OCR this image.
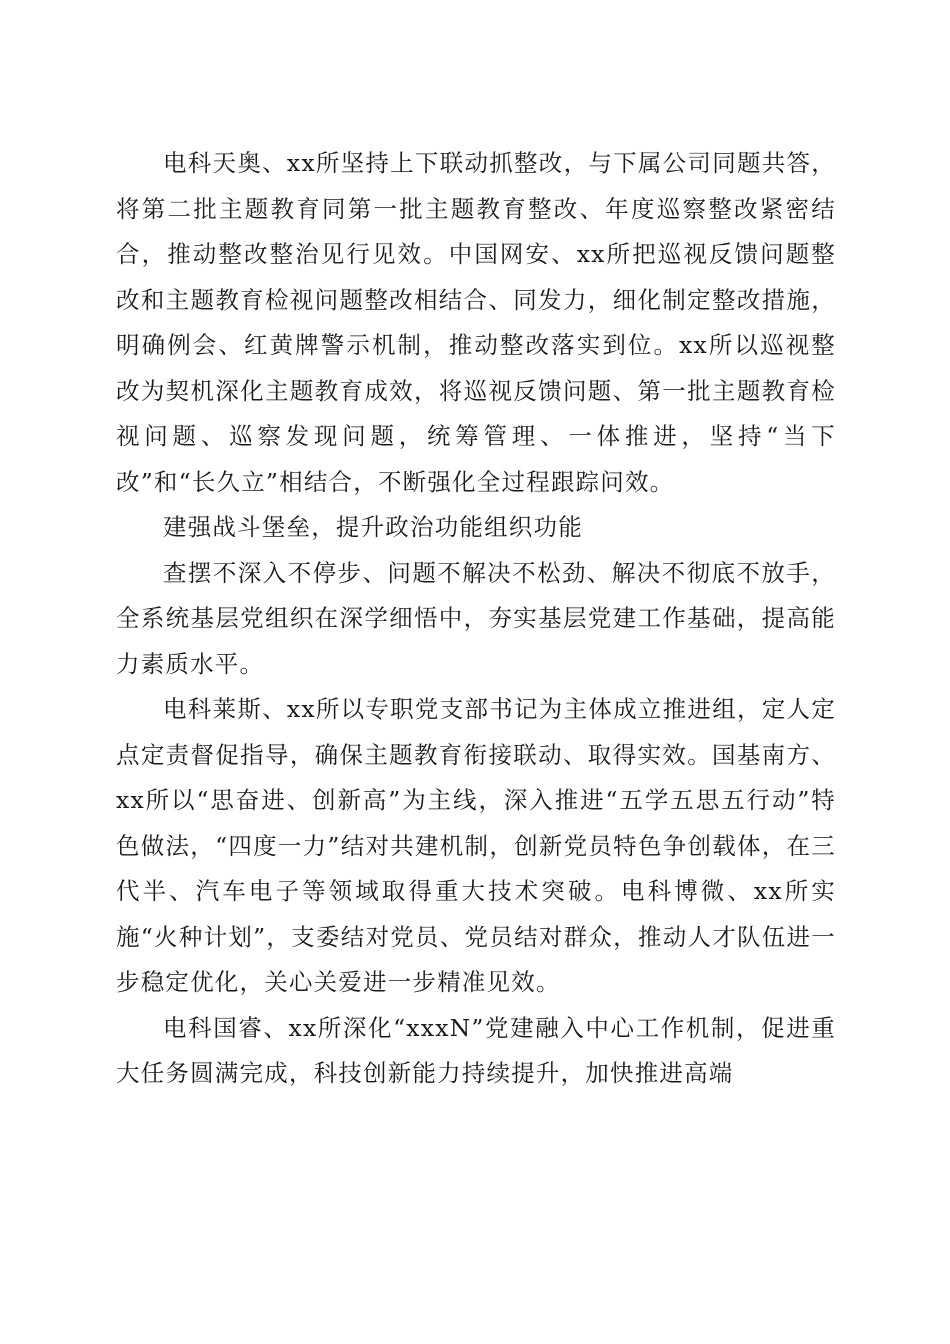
电科天奥、xx所坚持上下联动抓整改，与下属公司同题共答，将第二批主题教育同第一批主题教育整改、年度巡察整改紧密结合，推动整改整治见行见效。中国网安、xx所把巡视反馈问题整改和主题教育检视问题整改相结合、同发力，细化制定整改措施，明确例会、红黄牌警示机制，推动整改落实到位。xx所以巡视整改为契机深化主题教育成效，将巡视反馈问题、第一批主题教育检视问题、巡察发现问题，统筹管理、一体推进，坚持“当下改”和“长久立”相结合，不断强化全过程跟踪问效。

建强战斗堡垒，提升政治功能组织功能

查摆不深入不停步、问题不解决不松劲、解决不彻底不放手，全系统基层党组织在深学细悟中，夯实基层党建工作基础，提高能力素质水平。

电科莱斯、xx所以专职党支部书记为主体成立推进组，定人定点定责督促指导，确保主题教育衔接联动、取得实效。国基南方、xx所以“思奋进、创新高”为主线，深入推进“五学五思五行动”特色做法，“四度一力”结对共建机制，创新党员特色争创载体，在三代半、汽车电子等领域取得重大技术突破。电科博微、xx所实施“火种计划”，支委结对党员、党员结对群众，推动人才队伍进一步稳定优化，关心关爱进一步精准见效。

电科国睿、xx所深化“xxxN”党建融入中心工作机制，促进重大任务圆满完成，科技创新能力持续提升，加快推进高端
